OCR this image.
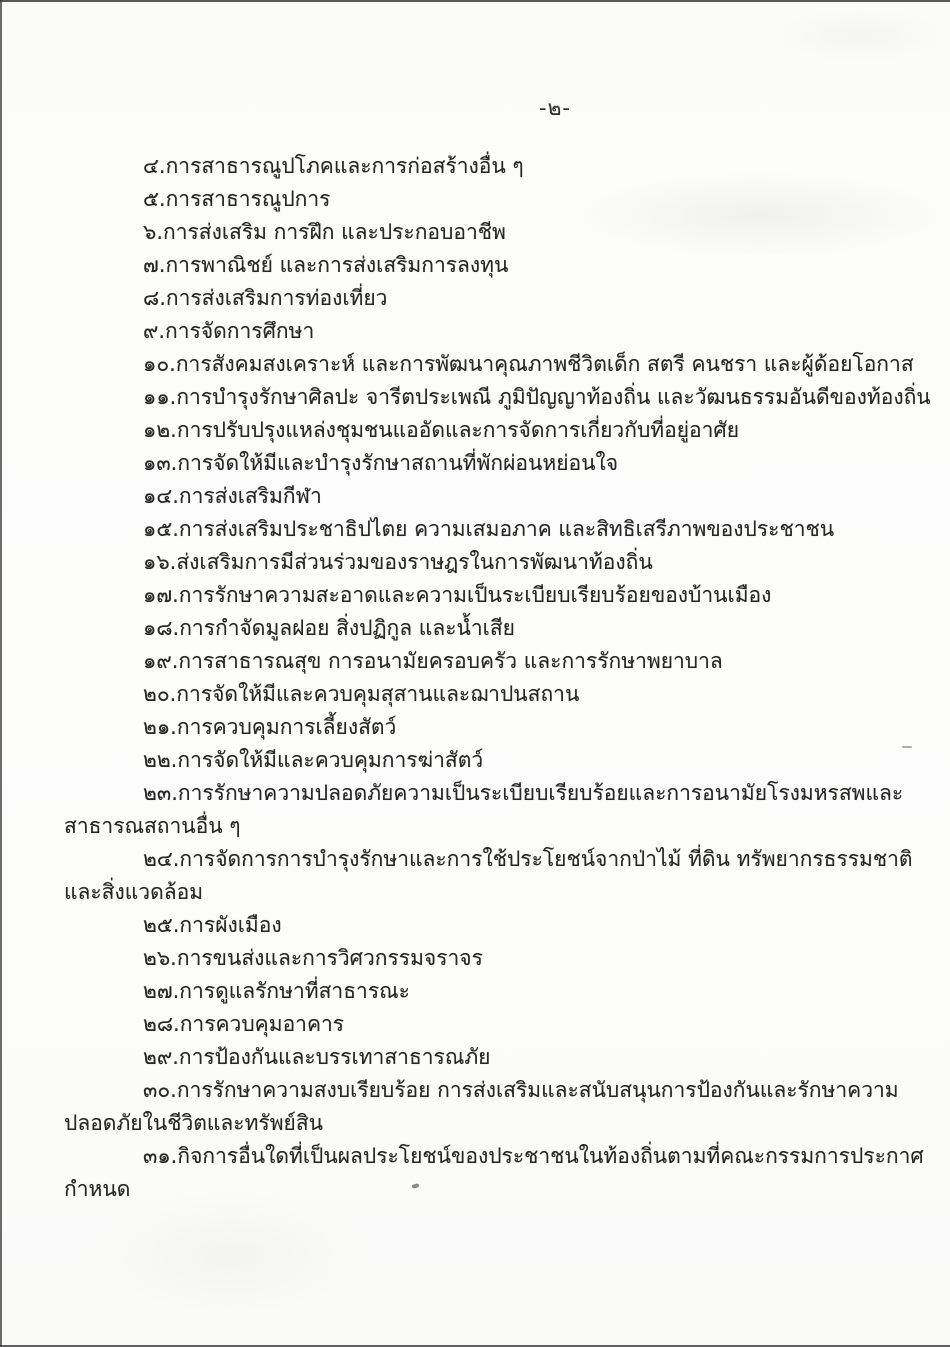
-๒-

๔.การสาธารณูปโภคและการก่อสร้างอื่น ๆ

๕.การสาธารณูปการ

๖.การส่งเสริม การฝึก และประกอบอาชีพ

๗.การพาณิชย์ และการส่งเสริมการลงทุน

๘.การส่งเสริมการท่องเที่ยว

๙.การจัดการศึกษา

๑๐.การสังคมสงเคราะห์ และการพัฒนาคุณภาพชีวิตเด็ก สตรี คนชรา และผู้ด้อยโอกาส

๑๑.การบำรุงรักษาศิลปะ จารีตประเพณี ภูมิปัญญาท้องถิ่น และวัฒนธรรมอันดีของท้องถิ่น

๑๒.การปรับปรุงแหล่งชุมชนแออัดและการจัดการเกี่ยวกับที่อยู่อาศัย

๑๓.การจัดให้มีและบำรุงรักษาสถานที่พักผ่อนหย่อนใจ

๑๔.การส่งเสริมกีฬา

๑๕.การส่งเสริมประชาธิปไตย ความเสมอภาค และสิทธิเสรีภาพของประชาชน

๑๖.ส่งเสริมการมีส่วนร่วมของราษฎรในการพัฒนาท้องถิ่น

๑๗.การรักษาความสะอาดและความเป็นระเบียบเรียบร้อยของบ้านเมือง

๑๘.การกำจัดมูลฝอย สิ่งปฏิกูล และน้ำเสีย

๑๙.การสาธารณสุข การอนามัยครอบครัว และการรักษาพยาบาล

๒๐.การจัดให้มีและควบคุมสุสานและฌาปนสถาน

๒๑.การควบคุมการเลี้ยงสัตว์

๒๒.การจัดให้มีและควบคุมการฆ่าสัตว์

๒๓.การรักษาความปลอดภัยความเป็นระเบียบเรียบร้อยและการอนามัยโรงมหรสพและสาธารณสถานอื่น ๆ

๒๔.การจัดการการบำรุงรักษาและการใช้ประโยชน์จากป่าไม้ ที่ดิน ทรัพยากรธรรมชาติและสิ่งแวดล้อม

๒๕.การผังเมือง

๒๖.การขนส่งและการวิศวกรรมจราจร

๒๗.การดูแลรักษาที่สาธารณะ

๒๘.การควบคุมอาคาร

๒๙.การป้องกันและบรรเทาสาธารณภัย

๓๐.การรักษาความสงบเรียบร้อย การส่งเสริมและสนับสนุนการป้องกันและรักษาความปลอดภัยในชีวิตและทรัพย์สิน

๓๑.กิจการอื่นใดที่เป็นผลประโยชน์ของประชาชนในท้องถิ่นตามที่คณะกรรมการประกาศกำหนด
